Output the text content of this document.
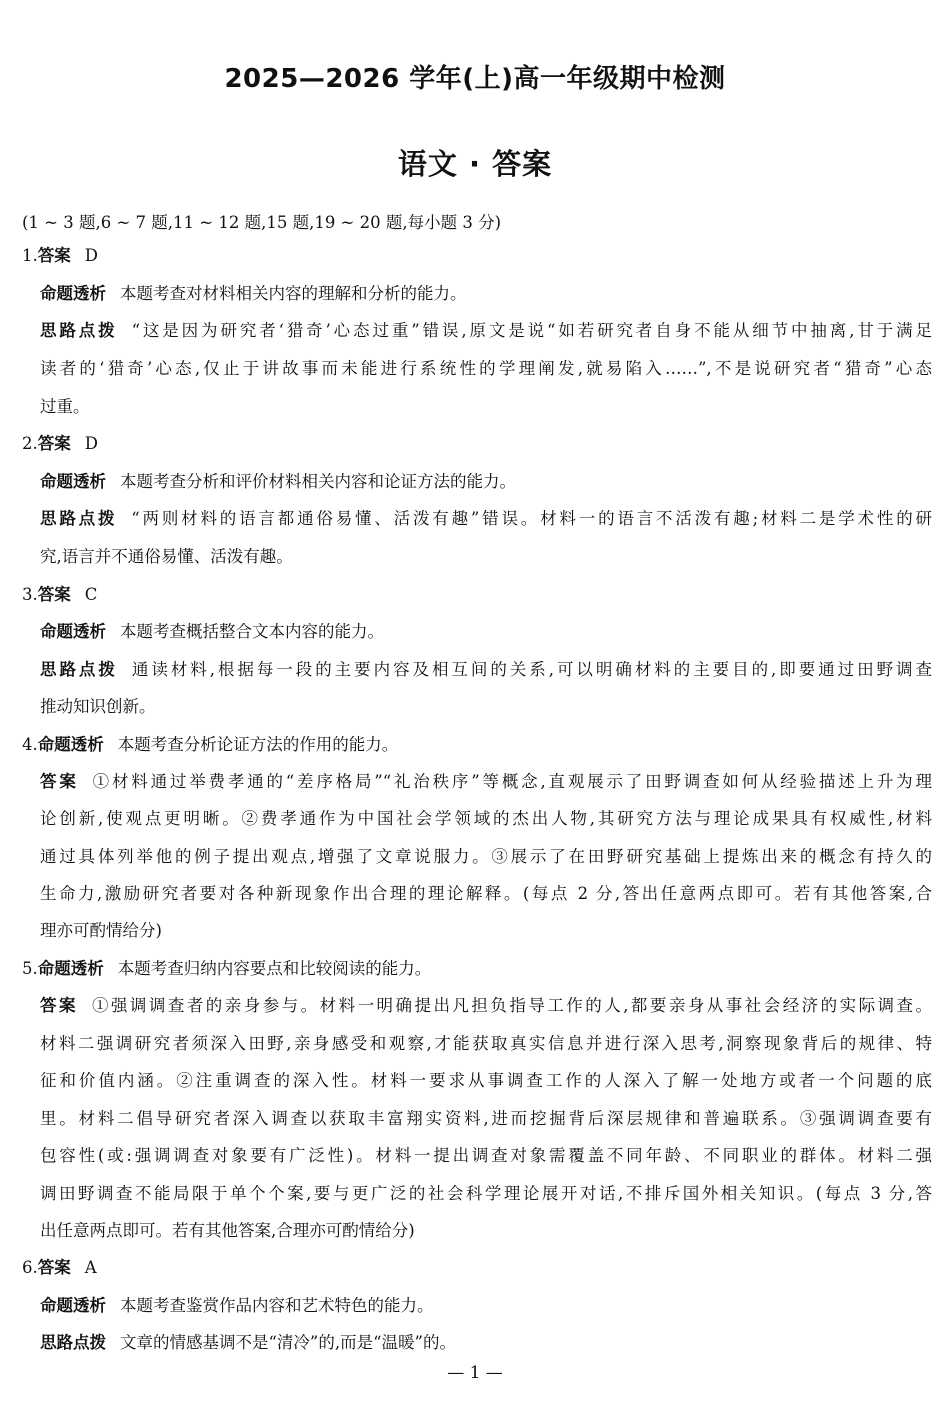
2025—2026 学年(上)高一年级期中检测
语文 · 答案
(1 ~ 3 题,6 ~ 7 题,11 ~ 12 题,15 题,19 ~ 20 题,每小题 3 分)
1.答案 D
命题透析 本题考查对材料相关内容的理解和分析的能力。
思路点拨 “这是因为研究者‘猎奇’心态过重”错误,原文是说“如若研究者自身不能从细节中抽离,甘于满足
读者的‘猎奇’心态,仅止于讲故事而未能进行系统性的学理阐发,就易陷入……”,不是说研究者“猎奇”心态
过重。
2.答案 D
命题透析 本题考查分析和评价材料相关内容和论证方法的能力。
思路点拨 “两则材料的语言都通俗易懂、活泼有趣”错误。材料一的语言不活泼有趣;材料二是学术性的研
究,语言并不通俗易懂、活泼有趣。
3.答案 C
命题透析 本题考查概括整合文本内容的能力。
思路点拨 通读材料,根据每一段的主要内容及相互间的关系,可以明确材料的主要目的,即要通过田野调查
推动知识创新。
4.命题透析 本题考查分析论证方法的作用的能力。
答案 ①材料通过举费孝通的“差序格局”“礼治秩序”等概念,直观展示了田野调查如何从经验描述上升为理
论创新,使观点更明晰。②费孝通作为中国社会学领域的杰出人物,其研究方法与理论成果具有权威性,材料
通过具体列举他的例子提出观点,增强了文章说服力。③展示了在田野研究基础上提炼出来的概念有持久的
生命力,激励研究者要对各种新现象作出合理的理论解释。(每点 2 分,答出任意两点即可。若有其他答案,合
理亦可酌情给分)
5.命题透析 本题考查归纳内容要点和比较阅读的能力。
答案 ①强调调查者的亲身参与。材料一明确提出凡担负指导工作的人,都要亲身从事社会经济的实际调查。
材料二强调研究者须深入田野,亲身感受和观察,才能获取真实信息并进行深入思考,洞察现象背后的规律、特
征和价值内涵。②注重调查的深入性。材料一要求从事调查工作的人深入了解一处地方或者一个问题的底
里。材料二倡导研究者深入调查以获取丰富翔实资料,进而挖掘背后深层规律和普遍联系。③强调调查要有
包容性(或:强调调查对象要有广泛性)。材料一提出调查对象需覆盖不同年龄、不同职业的群体。材料二强
调田野调查不能局限于单个个案,要与更广泛的社会科学理论展开对话,不排斥国外相关知识。(每点 3 分,答
出任意两点即可。若有其他答案,合理亦可酌情给分)
6.答案 A
命题透析 本题考查鉴赏作品内容和艺术特色的能力。
思路点拨 文章的情感基调不是“清冷”的,而是“温暖”的。
— 1 —
